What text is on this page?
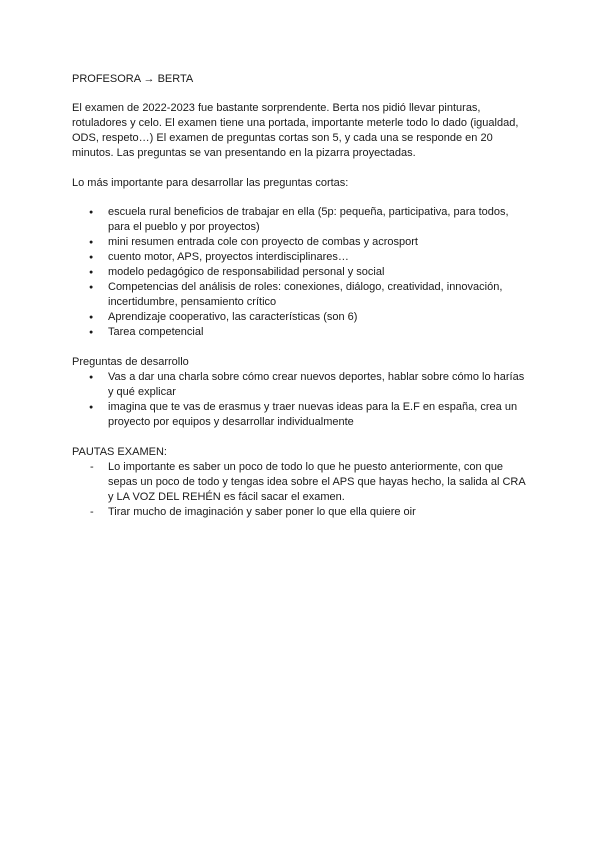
PROFESORA → BERTA

El examen de 2022-2023 fue bastante sorprendente. Berta nos pidió llevar pinturas, rotuladores y celo. El examen tiene una portada, importante meterle todo lo dado (igualdad, ODS, respeto…) El examen de preguntas cortas son 5, y cada una se responde en 20 minutos. Las preguntas se van presentando en la pizarra proyectadas.

Lo más importante para desarrollar las preguntas cortas:

● escuela rural beneficios de trabajar en ella (5p: pequeña, participativa, para todos, para el pueblo y por proyectos)
● mini resumen entrada cole con proyecto de combas y acrosport
● cuento motor, APS, proyectos interdisciplinares…
● modelo pedagógico de responsabilidad personal y social
● Competencias del análisis de roles: conexiones, diálogo, creatividad, innovación, incertidumbre, pensamiento crítico
● Aprendizaje cooperativo, las características (son 6)
● Tarea competencial

Preguntas de desarrollo

● Vas a dar una charla sobre cómo crear nuevos deportes, hablar sobre cómo lo harías y qué explicar
● imagina que te vas de erasmus y traer nuevas ideas para la E.F en españa, crea un proyecto por equipos y desarrollar individualmente

PAUTAS EXAMEN:

- Lo importante es saber un poco de todo lo que he puesto anteriormente, con que sepas un poco de todo y tengas idea sobre el APS que hayas hecho, la salida al CRA y LA VOZ DEL REHÉN es fácil sacar el examen.
- Tirar mucho de imaginación y saber poner lo que ella quiere oir
